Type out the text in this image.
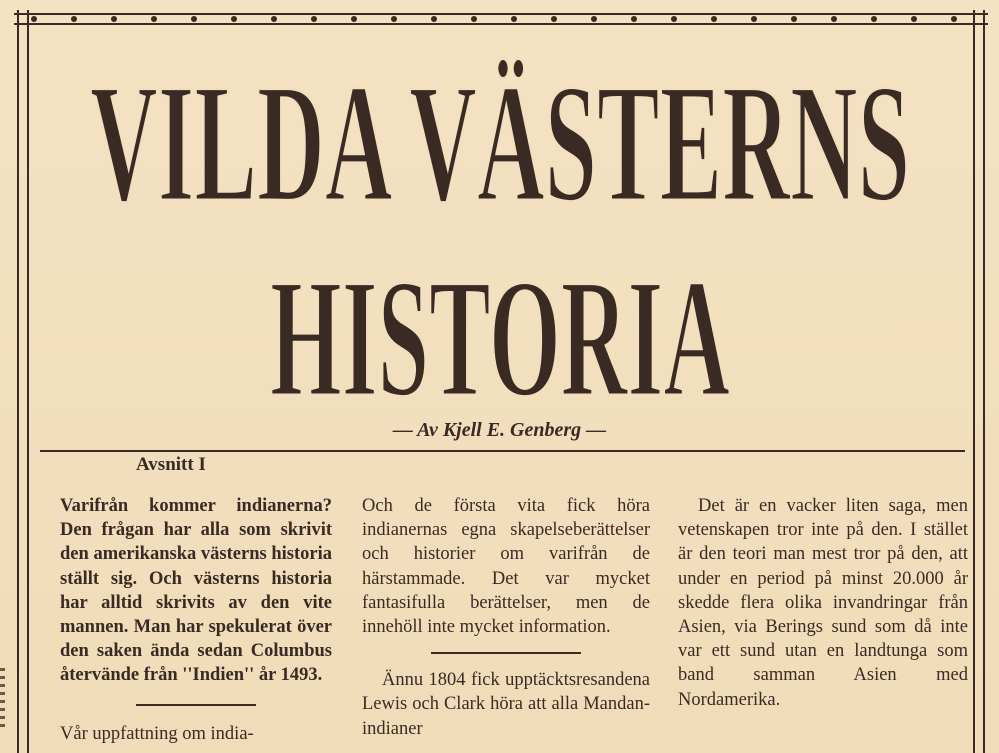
VILDA VÄSTERNS
HISTORIA
— Av Kjell E. Genberg —
Avsnitt I

Varifrån kommer indianerna? Den frågan har alla som skrivit den amerikanska västerns historia ställt sig. Och västerns historia har alltid skrivits av den vite mannen. Man har spekulerat över den saken ända sedan Columbus återvände från ''Indien'' år 1493.

Vår uppfattning om india-

Och de första vita fick höra indianernas egna skapelseberättelser och historier om varifrån de härstammade. Det var mycket fantasifulla berättelser, men de innehöll inte mycket information.

Ännu 1804 fick upptäcktsresandena Lewis och Clark höra att alla Mandan-indianer

Det är en vacker liten saga, men vetenskapen tror inte på den. I stället är den teori man mest tror på den, att under en period på minst 20.000 år skedde flera olika invandringar från Asien, via Berings sund som då inte var ett sund utan en landtunga som band samman Asien med Nordamerika.
